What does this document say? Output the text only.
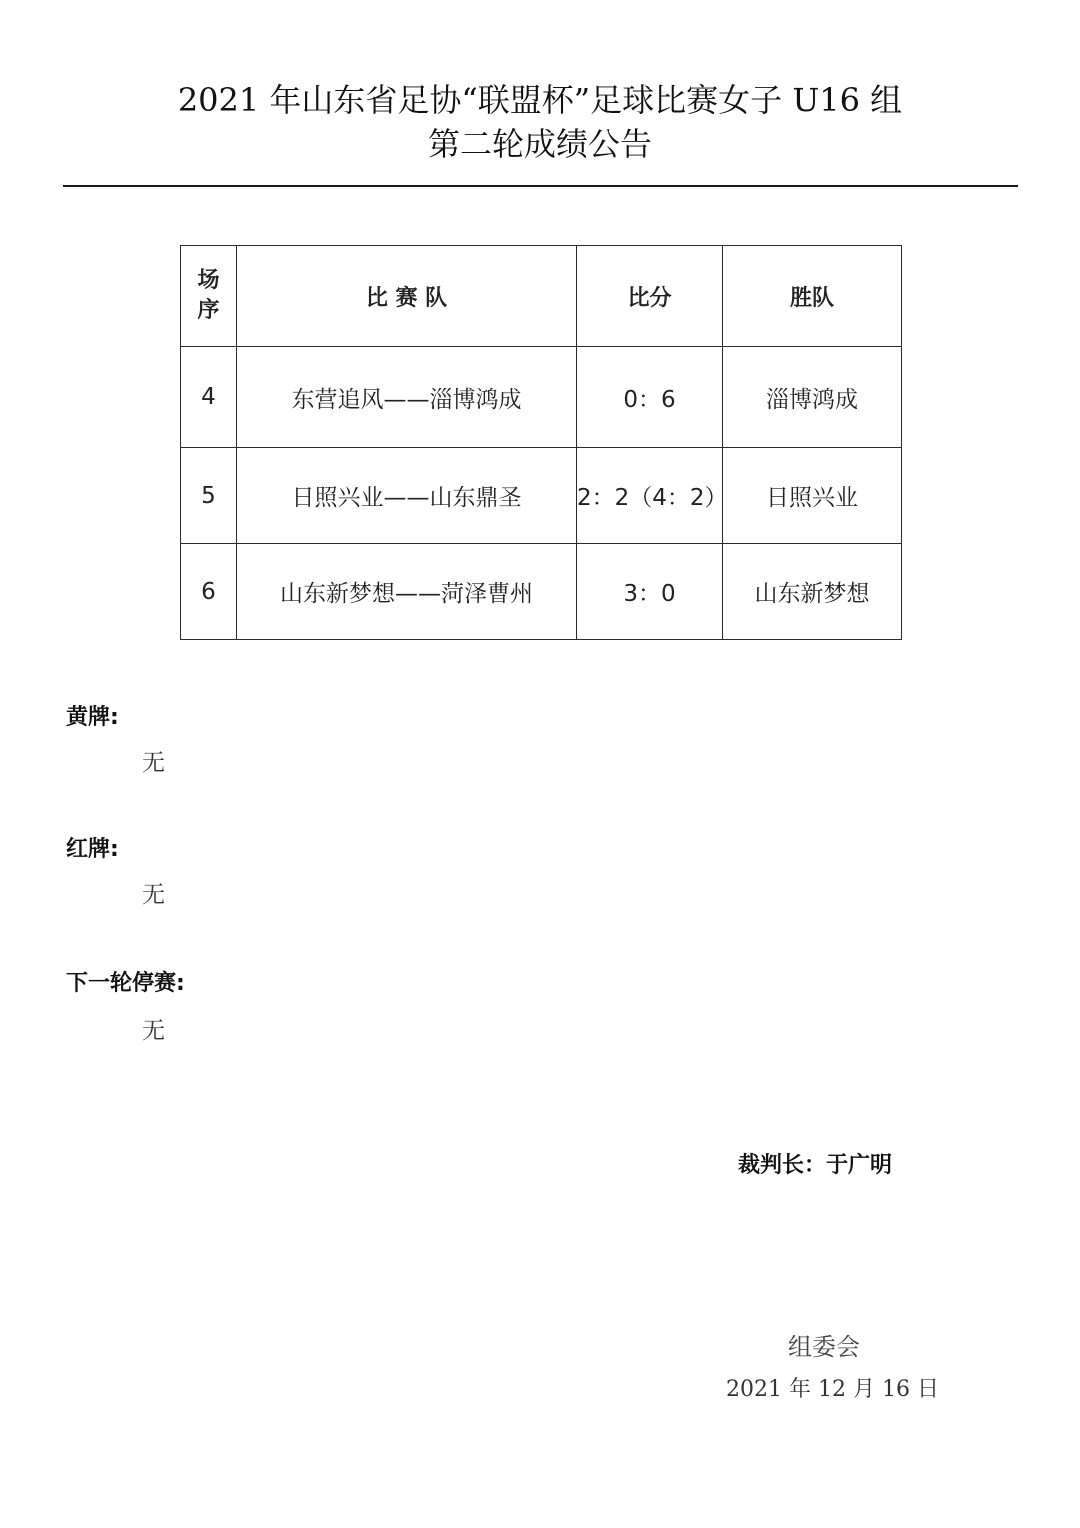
2021 年山东省足协“联盟杯”足球比赛女子 U16 组
第二轮成绩公告
场
序	比 赛 队	比分	胜队
4	东营追风——淄博鸿成	0：6	淄博鸿成
5	日照兴业——山东鼎圣	2：2（4：2）	日照兴业
6	山东新梦想——菏泽曹州	3：0	山东新梦想
黄牌:
无
红牌:
无
下一轮停赛:
无
裁判长：于广明
组委会
2021 年 12 月 16 日
